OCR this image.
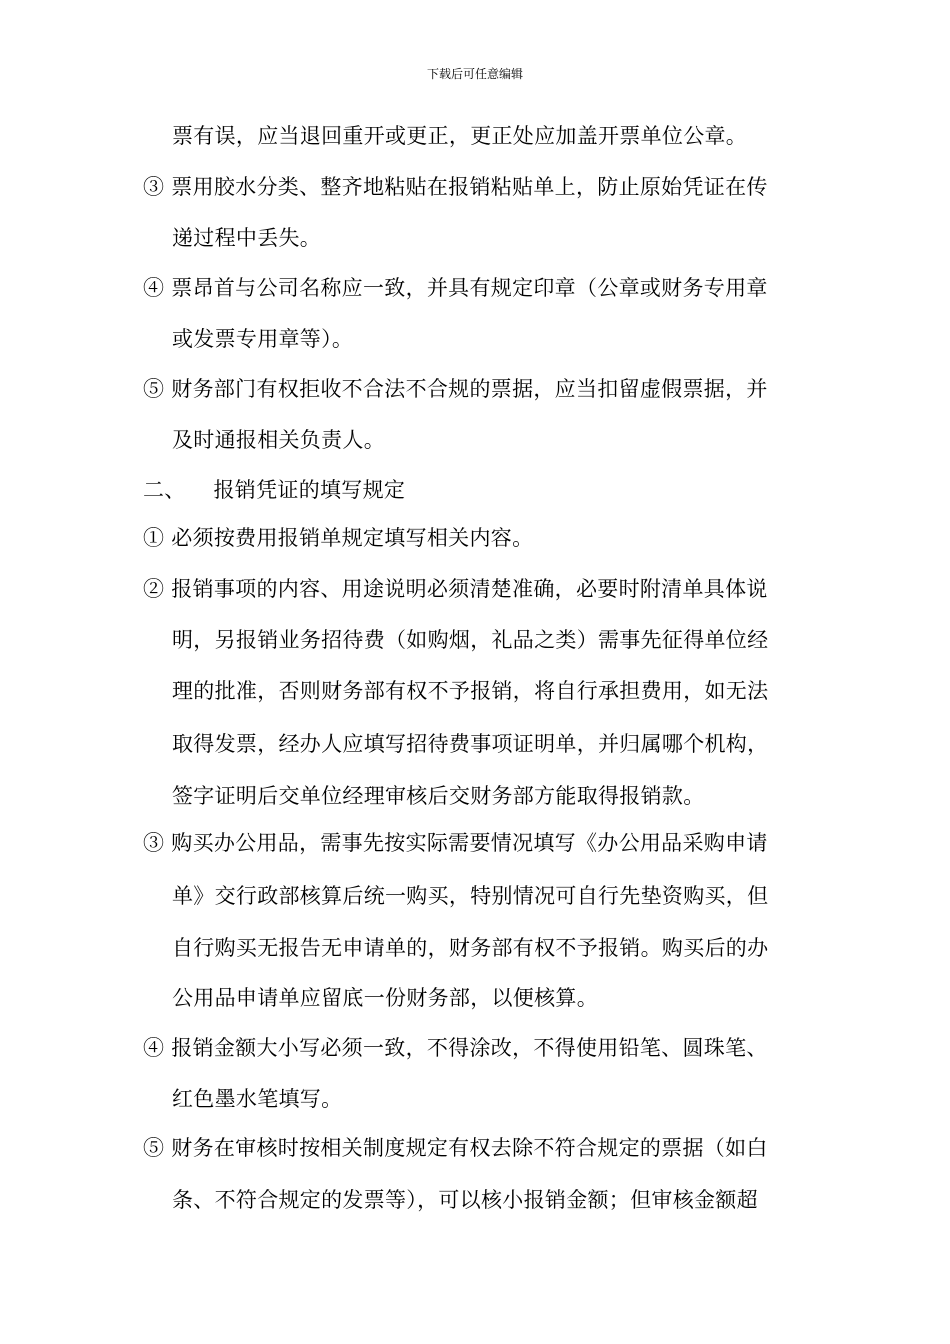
下载后可任意编辑
票有误，应当退回重开或更正，更正处应加盖开票单位公章。
③ 票用胶水分类、整齐地粘贴在报销粘贴单上，防止原始凭证在传
递过程中丢失。
④ 票昂首与公司名称应一致，并具有规定印章（公章或财务专用章
或发票专用章等）。
⑤ 财务部门有权拒收不合法不合规的票据，应当扣留虚假票据，并
及时通报相关负责人。
二、    报销凭证的填写规定
① 必须按费用报销单规定填写相关内容。
② 报销事项的内容、用途说明必须清楚准确，必要时附清单具体说
明，另报销业务招待费（如购烟，礼品之类）需事先征得单位经
理的批准，否则财务部有权不予报销，将自行承担费用，如无法
取得发票，经办人应填写招待费事项证明单，并归属哪个机构，
签字证明后交单位经理审核后交财务部方能取得报销款。
③ 购买办公用品，需事先按实际需要情况填写《办公用品采购申请
单》交行政部核算后统一购买，特别情况可自行先垫资购买，但
自行购买无报告无申请单的，财务部有权不予报销。购买后的办
公用品申请单应留底一份财务部，以便核算。
④ 报销金额大小写必须一致，不得涂改，不得使用铅笔、圆珠笔、
红色墨水笔填写。
⑤ 财务在审核时按相关制度规定有权去除不符合规定的票据（如白
条、不符合规定的发票等），可以核小报销金额；但审核金额超
